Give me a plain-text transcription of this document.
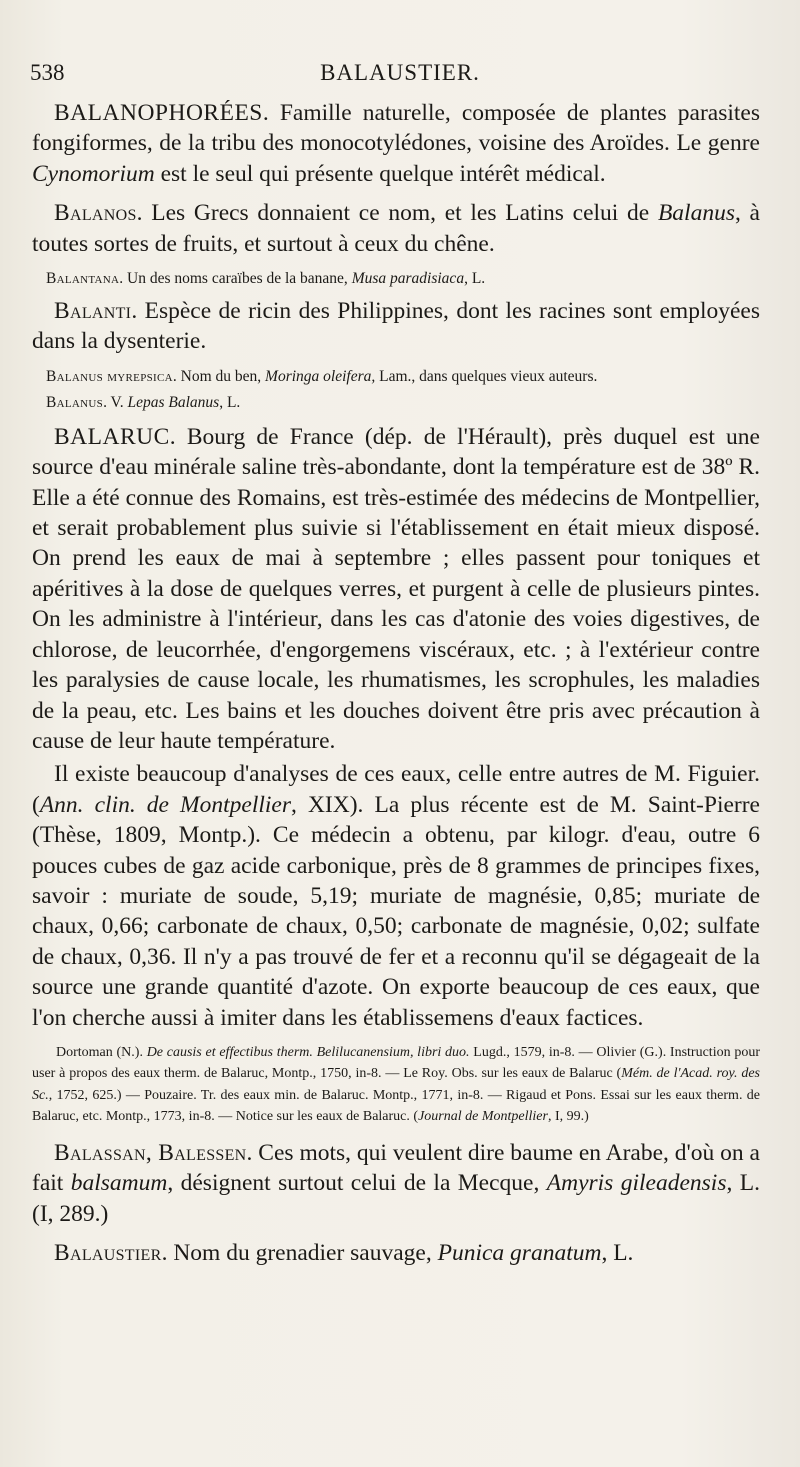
538	BALAUSTIER.

BALANOPHORÉES. Famille naturelle, composée de plantes parasites fongiformes, de la tribu des monocotylédones, voisine des Aroïdes. Le genre Cynomorium est le seul qui présente quelque intérêt médical.

Balanos. Les Grecs donnaient ce nom, et les Latins celui de Balanus, à toutes sortes de fruits, et surtout à ceux du chêne.

Balantana. Un des noms caraïbes de la banane, Musa paradisiaca, L.

Balanti. Espèce de ricin des Philippines, dont les racines sont employées dans la dysenterie.

Balanus myrepsica. Nom du ben, Moringa oleifera, Lam., dans quelques vieux auteurs.

Balanus. V. Lepas Balanus, L.

BALARUC. Bourg de France (dép. de l'Hérault), près duquel est une source d'eau minérale saline très-abondante, dont la température est de 38º R. Elle a été connue des Romains, est très-estimée des médecins de Montpellier, et serait probablement plus suivie si l'établissement en était mieux disposé. On prend les eaux de mai à septembre ; elles passent pour toniques et apéritives à la dose de quelques verres, et purgent à celle de plusieurs pintes. On les administre à l'intérieur, dans les cas d'atonie des voies digestives, de chlorose, de leucorrhée, d'engorgemens viscéraux, etc. ; à l'extérieur contre les paralysies de cause locale, les rhumatismes, les scrophules, les maladies de la peau, etc. Les bains et les douches doivent être pris avec précaution à cause de leur haute température.

Il existe beaucoup d'analyses de ces eaux, celle entre autres de M. Figuier. (Ann. clin. de Montpellier, XIX). La plus récente est de M. Saint-Pierre (Thèse, 1809, Montp.). Ce médecin a obtenu, par kilogr. d'eau, outre 6 pouces cubes de gaz acide carbonique, près de 8 grammes de principes fixes, savoir : muriate de soude, 5,19; muriate de magnésie, 0,85; muriate de chaux, 0,66; carbonate de chaux, 0,50; carbonate de magnésie, 0,02; sulfate de chaux, 0,36. Il n'y a pas trouvé de fer et a reconnu qu'il se dégageait de la source une grande quantité d'azote. On exporte beaucoup de ces eaux, que l'on cherche aussi à imiter dans les établissemens d'eaux factices.

Dortoman (N.). De causis et effectibus therm. Belilucanensium, libri duo. Lugd., 1579, in-8. — Olivier (G.). Instruction pour user à propos des eaux therm. de Balaruc, Montp., 1750, in-8. — Le Roy. Obs. sur les eaux de Balaruc (Mém. de l'Acad. roy. des Sc., 1752, 625.) — Pouzaire. Tr. des eaux min. de Balaruc. Montp., 1771, in-8. — Rigaud et Pons. Essai sur les eaux therm. de Balaruc, etc. Montp., 1773, in-8. — Notice sur les eaux de Balaruc. (Journal de Montpellier, I, 99.)

Balassan, Balessen. Ces mots, qui veulent dire baume en Arabe, d'où on a fait balsamum, désignent surtout celui de la Mecque, Amyris gileadensis, L. (I, 289.)

Balaustier. Nom du grenadier sauvage, Punica granatum, L.
